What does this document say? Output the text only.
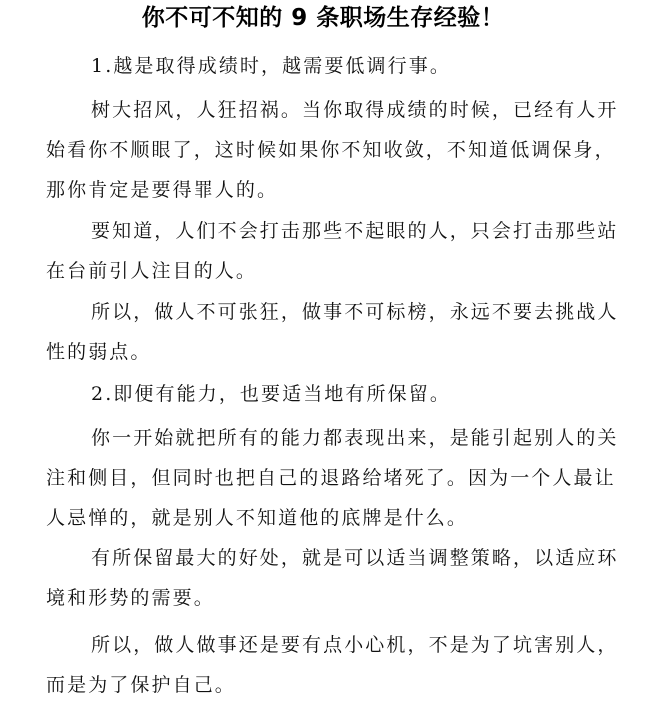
你不可不知的 9 条职场生存经验！
1.越是取得成绩时，越需要低调行事。
树大招风，人狂招祸。当你取得成绩的时候，已经有人开
始看你不顺眼了，这时候如果你不知收敛，不知道低调保身，
那你肯定是要得罪人的。
要知道，人们不会打击那些不起眼的人，只会打击那些站
在台前引人注目的人。
所以，做人不可张狂，做事不可标榜，永远不要去挑战人
性的弱点。
2.即便有能力，也要适当地有所保留。
你一开始就把所有的能力都表现出来，是能引起别人的关
注和侧目，但同时也把自己的退路给堵死了。因为一个人最让
人忌惮的，就是别人不知道他的底牌是什么。
有所保留最大的好处，就是可以适当调整策略，以适应环
境和形势的需要。
所以，做人做事还是要有点小心机，不是为了坑害别人，
而是为了保护自己。
